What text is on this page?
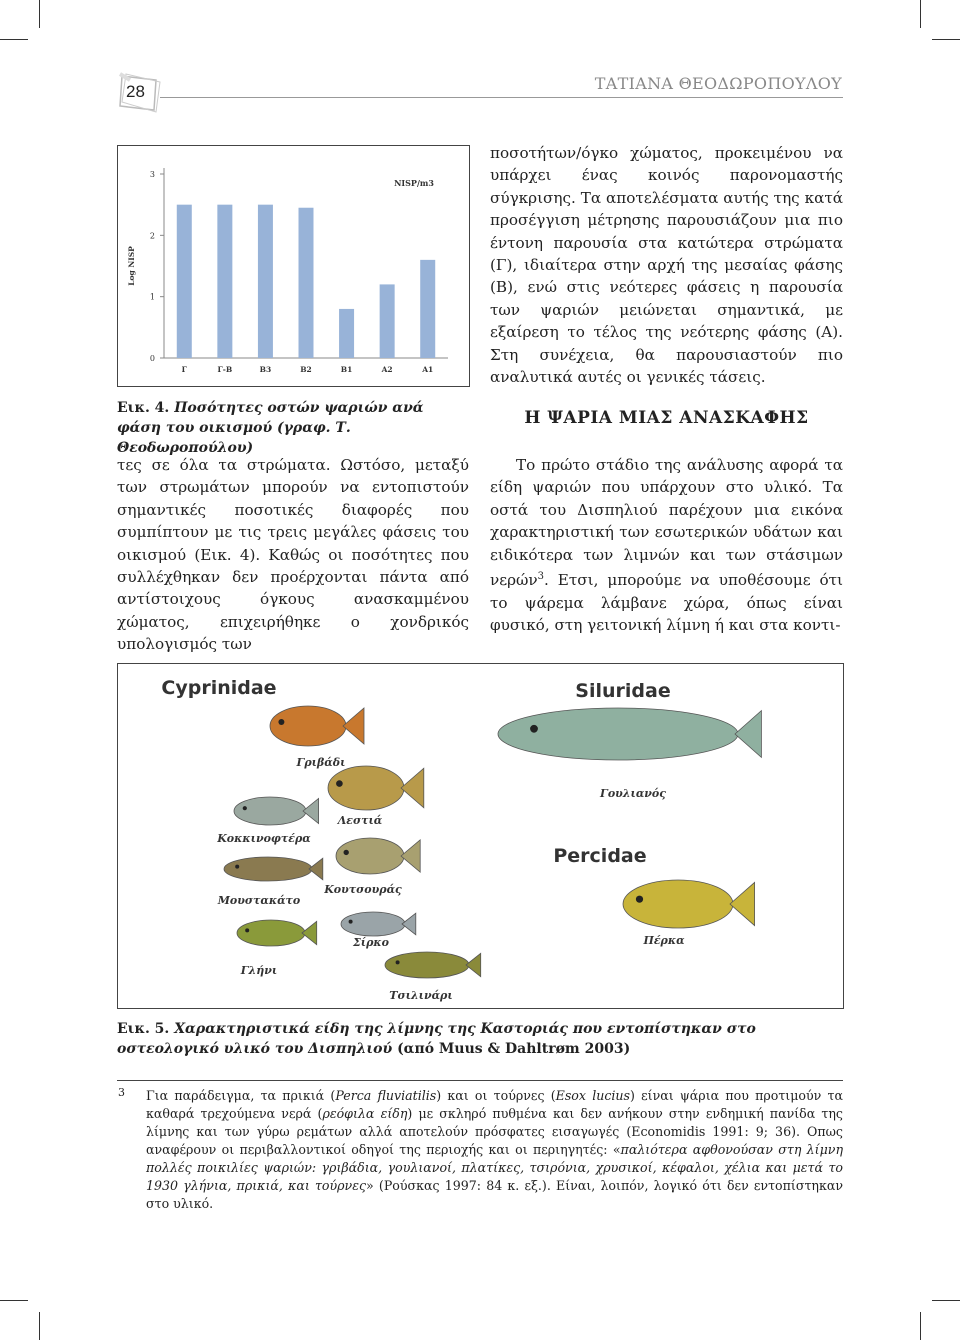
28	ΤΑΤΙΑΝΑ ΘΕΟΔΩΡΟΠΟΥΛΟΥ
0
1
2
3
Log NISP
NISP/m3
Γ	Γ-Β	Β3	Β2	Β1	Α2	Α1
Εικ. 4. Ποσότητες οστών ψαριών ανά φάση του οικισμού (γραφ. Τ. Θεοδωροπούλου)

τες σε όλα τα στρώματα. Ωστόσο, μεταξύ των στρωμάτων μπορούν να εντοπιστούν σημαντικές ποσοτικές διαφορές που συμπίπτουν με τις τρεις μεγάλες φάσεις του οικισμού (Εικ. 4). Καθώς οι ποσότητες που συλλέχθηκαν δεν προέρχονται πάντα από αντίστοιχους όγκους ανασκαμμένου χώματος, επιχειρήθηκε ο χονδρικός υπολογισμός των

ποσοτήτων/όγκο χώματος, προκειμένου να υπάρχει ένας κοινός παρονομαστής σύγκρισης. Τα αποτελέσματα αυτής της κατά προσέγγιση μέτρησης παρουσιάζουν μια πιο έντονη παρουσία στα κατώτερα στρώματα (Γ), ιδιαίτερα στην αρχή της μεσαίας φάσης (Β), ενώ στις νεότερες φάσεις η παρουσία των ψαριών μειώνεται σημαντικά, με εξαίρεση το τέλος της νεότερης φάσης (Α). Στη συνέχεια, θα παρουσιαστούν πιο αναλυτικά αυτές οι γενικές τάσεις.

Η ΨΑΡΙΑ ΜΙΑΣ ΑΝΑΣΚΑΦΗΣ

Το πρώτο στάδιο της ανάλυσης αφορά τα είδη ψαριών που υπάρχουν στο υλικό. Τα οστά του Δισπηλιού παρέχουν μια εικόνα χαρακτηριστική των εσωτερικών υδάτων και ειδικότερα των λιμνών και των στάσιμων νερών$^3$. Ετσι, μπορούμε να υποθέσουμε ότι το ψάρεμα λάμβανε χώρα, όπως είναι φυσικό, στη γειτονική λίμνη ή και στα κοντι-

Cyprinidae	Siluridae
Percidae
Γριβάδι
Λεστιά
Κοκκινοφτέρα
Κουτσουράς
Μουστακάτο
Σίρκο
Γλήνι
Τσιλινάρι
Γουλιανός
Πέρκα
Εικ. 5. Χαρακτηριστικά είδη της λίμνης της Καστοριάς που εντοπίστηκαν στο οστεολογικό υλικό του Δισπηλιού (από Muus & Dahltrøm 2003)
3 Για παράδειγμα, τα πρικιά (Perca fluviatilis) και οι τούρνες (Esox lucius) είναι ψάρια που προτιμούν τα καθαρά τρεχούμενα νερά (ρεόφιλα είδη) με σκληρό πυθμένα και δεν ανήκουν στην ενδημική πανίδα της λίμνης και των γύρω ρεμάτων αλλά αποτελούν πρόσφατες εισαγωγές (Economidis 1991: 9; 36). Οπως αναφέρουν οι περιβαλλοντικοί οδηγοί της περιοχής και οι περιηγητές: «παλιότερα αφθονούσαν στη λίμνη πολλές ποικιλίες ψαριών: γριβάδια, γουλιανοί, πλατίκες, τσιρόνια, χρυσικοί, κέφαλοι, χέλια και μετά το 1930 γλήνια, πρικιά, και τούρνες» (Ρούσκας 1997: 84 κ. εξ.). Είναι, λοιπόν, λογικό ότι δεν εντοπίστηκαν στο υλικό.
